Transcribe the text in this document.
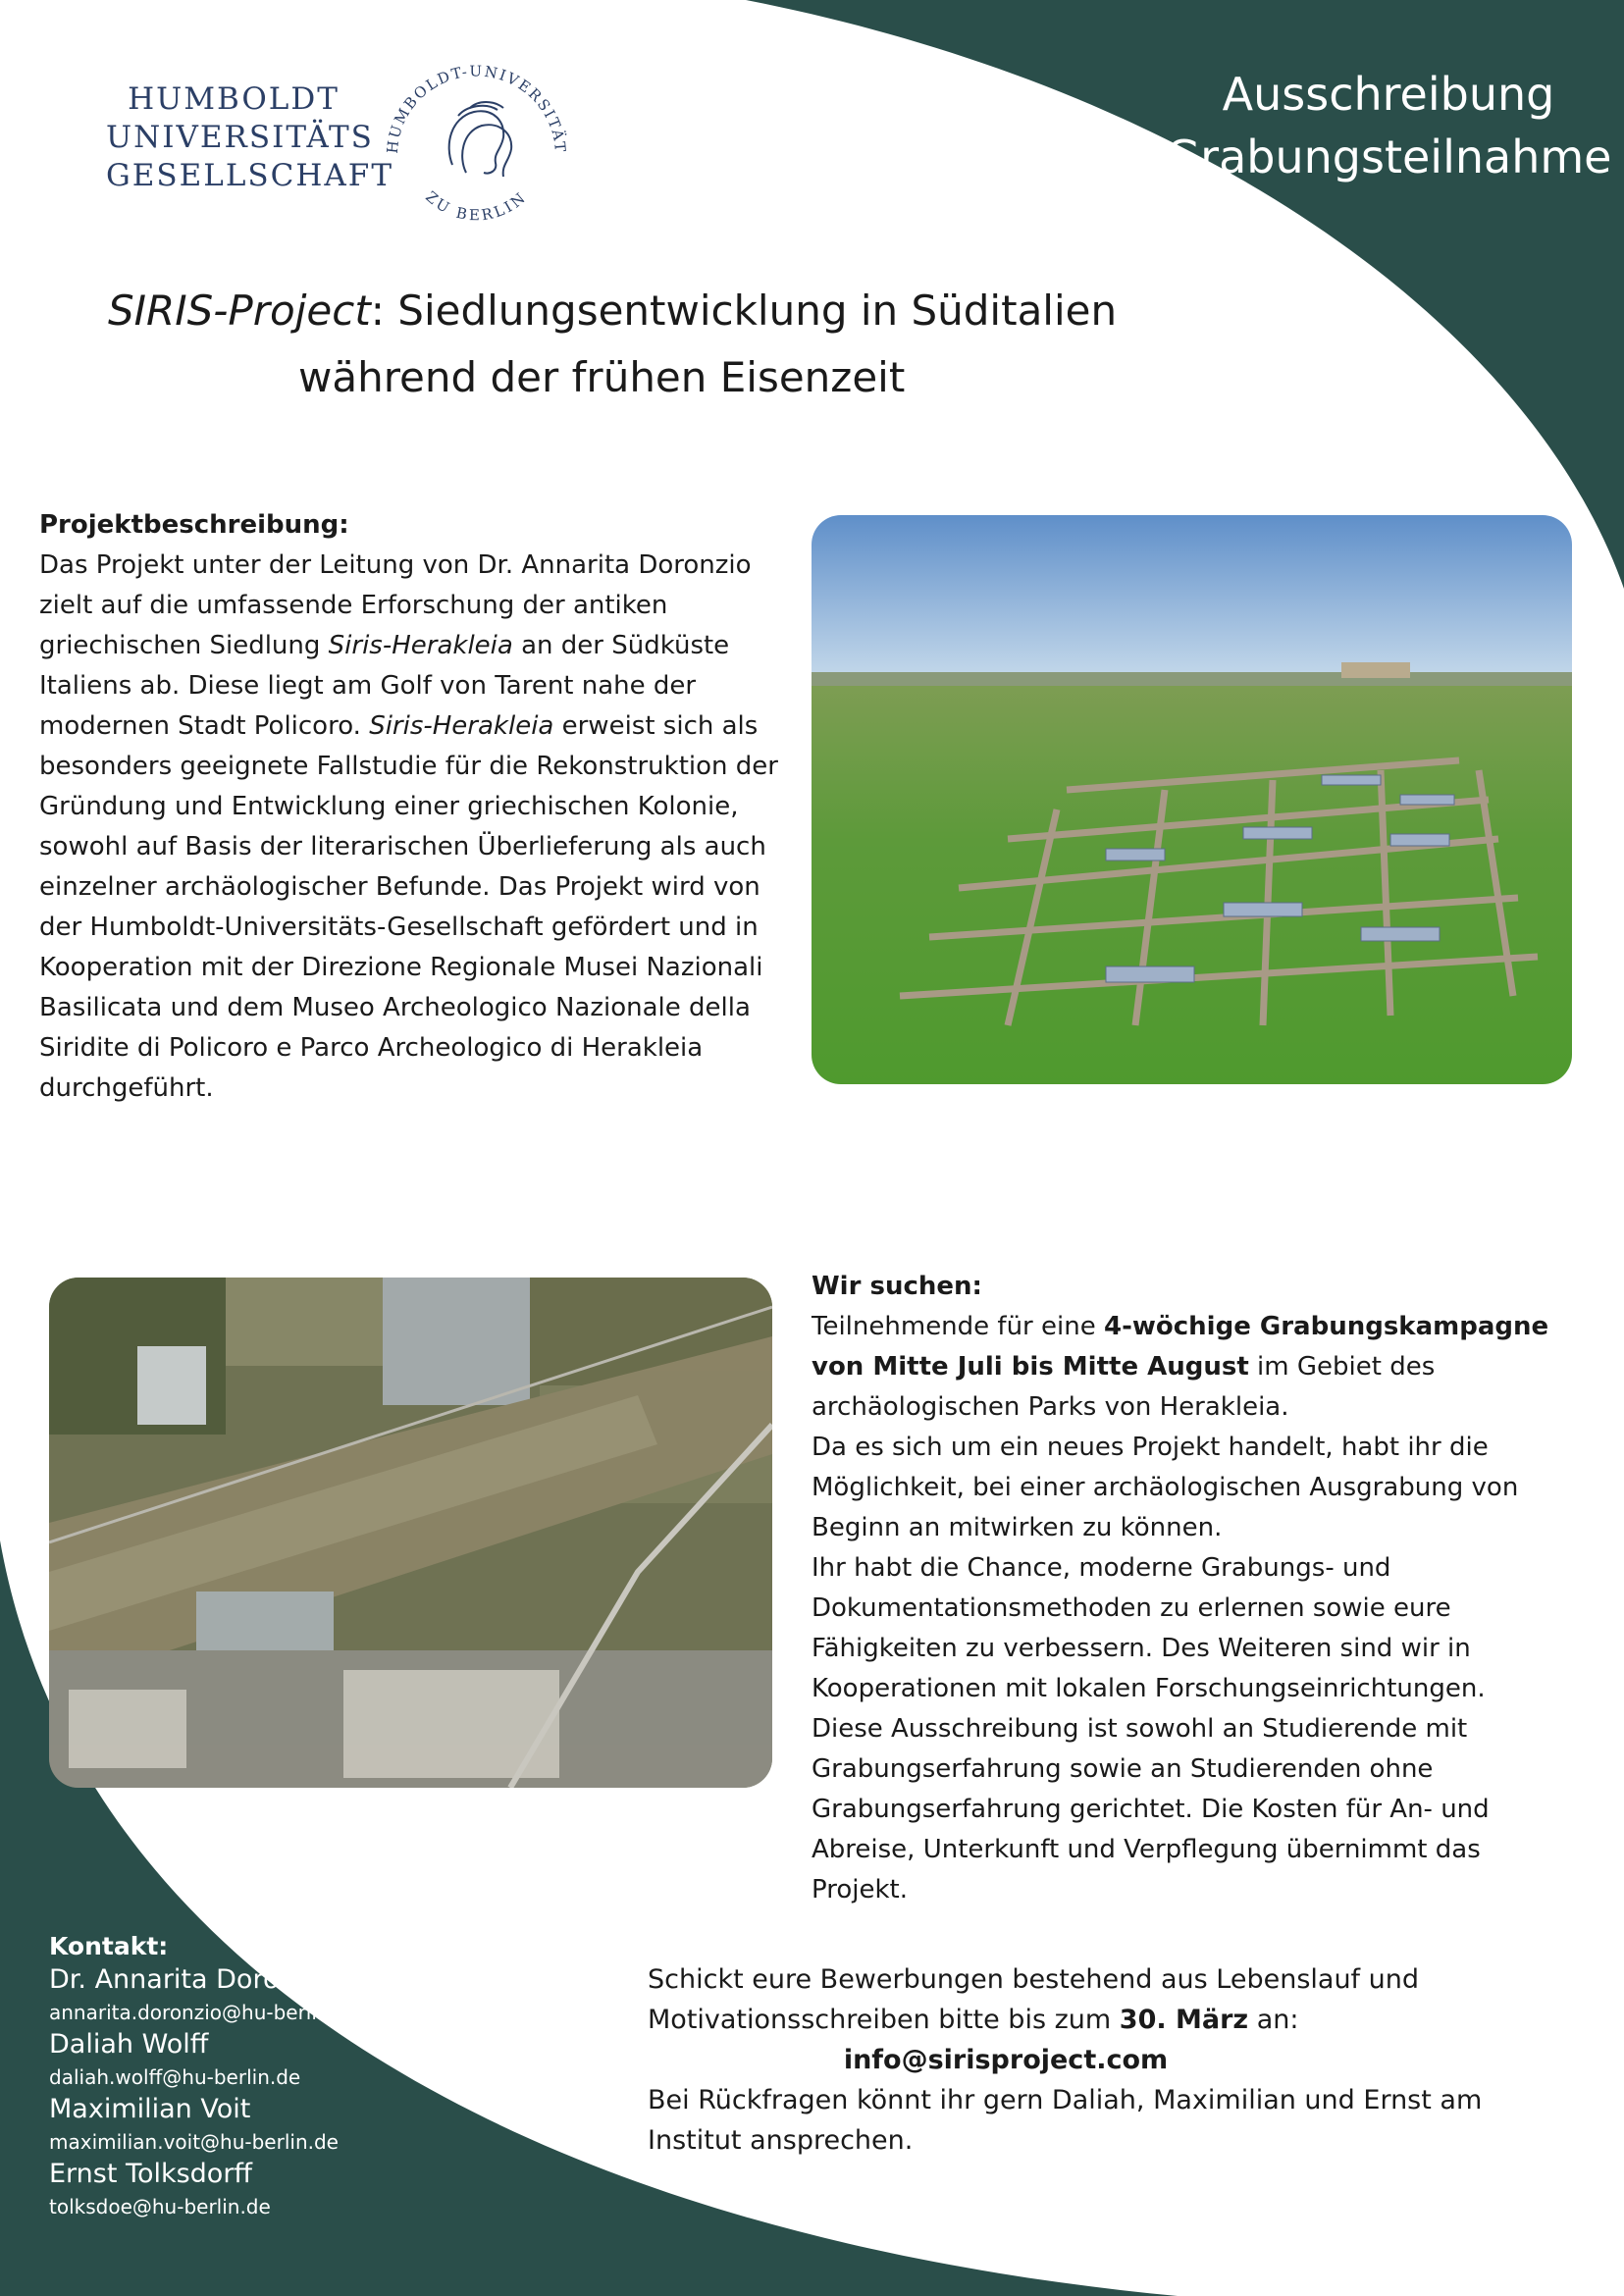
HUMBOLDT
UNIVERSITÄTS
GESELLSCHAFT
HUMBOLDT-UNIVERSITÄT
ZU BERLIN
Ausschreibung
Grabungsteilnahme
SIRIS-Project: Siedlungsentwicklung in Süditalien
während der frühen Eisenzeit
Projektbeschreibung:
Das Projekt unter der Leitung von Dr. Annarita Doronzio zielt auf die umfassende Erforschung der antiken griechischen Siedlung Siris-Herakleia an der Südküste Italiens ab. Diese liegt am Golf von Tarent nahe der modernen Stadt Policoro. Siris-Herakleia erweist sich als besonders geeignete Fallstudie für die Rekonstruktion der Gründung und Entwicklung einer griechischen Kolonie, sowohl auf Basis der literarischen Überlieferung als auch einzelner archäologischer Befunde. Das Projekt wird von der Humboldt-Universitäts-Gesellschaft gefördert und in Kooperation mit der Direzione Regionale Musei Nazionali Basilicata und dem Museo Archeologico Nazionale della Siridite di Policoro e Parco Archeologico di Herakleia durchgeführt.
Wir suchen:
Teilnehmende für eine 4-wöchige Grabungskampagne von Mitte Juli bis Mitte August im Gebiet des archäologischen Parks von Herakleia.
Da es sich um ein neues Projekt handelt, habt ihr die Möglichkeit, bei einer archäologischen Ausgrabung von Beginn an mitwirken zu können.
Ihr habt die Chance, moderne Grabungs- und Dokumentationsmethoden zu erlernen sowie eure Fähigkeiten zu verbessern. Des Weiteren sind wir in Kooperationen mit lokalen Forschungseinrichtungen.
Diese Ausschreibung ist sowohl an Studierende mit Grabungserfahrung sowie an Studierenden ohne Grabungserfahrung gerichtet. Die Kosten für An- und Abreise, Unterkunft und Verpflegung übernimmt das Projekt.
Kontakt:
Dr. Annarita Doronzio
annarita.doronzio@hu-berlin.de
Daliah Wolff
daliah.wolff@hu-berlin.de
Maximilian Voit
maximilian.voit@hu-berlin.de
Ernst Tolksdorff
tolksdoe@hu-berlin.de
Schickt eure Bewerbungen bestehend aus Lebenslauf und Motivationsschreiben bitte bis zum 30. März an:
info@sirisproject.com
Bei Rückfragen könnt ihr gern Daliah, Maximilian und Ernst am Institut ansprechen.
